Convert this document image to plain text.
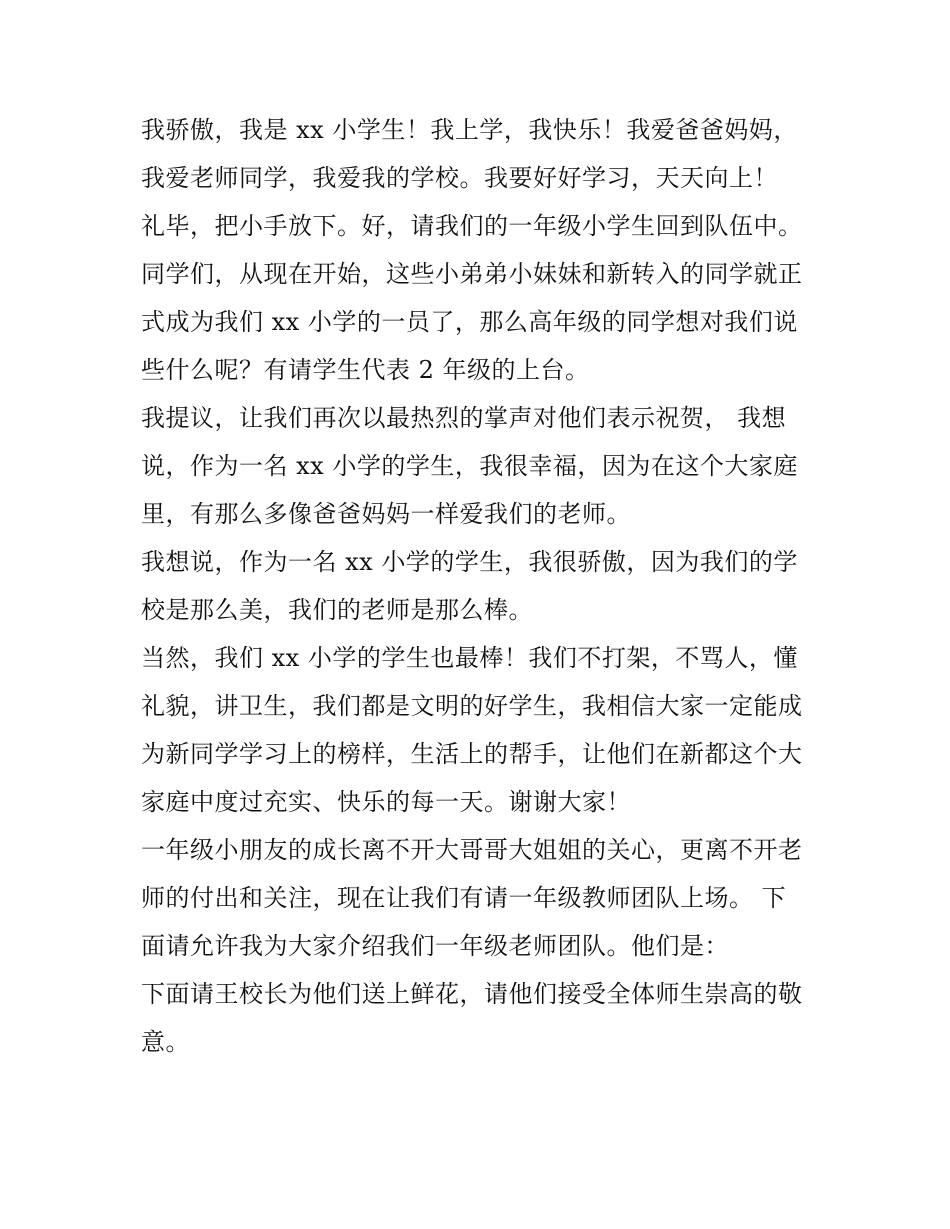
我骄傲，我是 xx 小学生！我上学，我快乐！我爱爸爸妈妈，
我爱老师同学，我爱我的学校。我要好好学习，天天向上！
礼毕，把小手放下。好，请我们的一年级小学生回到队伍中。
同学们，从现在开始，这些小弟弟小妹妹和新转入的同学就正
式成为我们 xx 小学的一员了，那么高年级的同学想对我们说
些什么呢？有请学生代表 2 年级的上台。
我提议，让我们再次以最热烈的掌声对他们表示祝贺， 我想
说，作为一名 xx 小学的学生，我很幸福，因为在这个大家庭
里，有那么多像爸爸妈妈一样爱我们的老师。
我想说，作为一名 xx 小学的学生，我很骄傲，因为我们的学
校是那么美，我们的老师是那么棒。
当然，我们 xx 小学的学生也最棒！我们不打架，不骂人，懂
礼貌，讲卫生，我们都是文明的好学生，我相信大家一定能成
为新同学学习上的榜样，生活上的帮手，让他们在新都这个大
家庭中度过充实、快乐的每一天。谢谢大家！
一年级小朋友的成长离不开大哥哥大姐姐的关心，更离不开老
师的付出和关注，现在让我们有请一年级教师团队上场。 下
面请允许我为大家介绍我们一年级老师团队。他们是：
下面请王校长为他们送上鲜花，请他们接受全体师生崇高的敬
意。
